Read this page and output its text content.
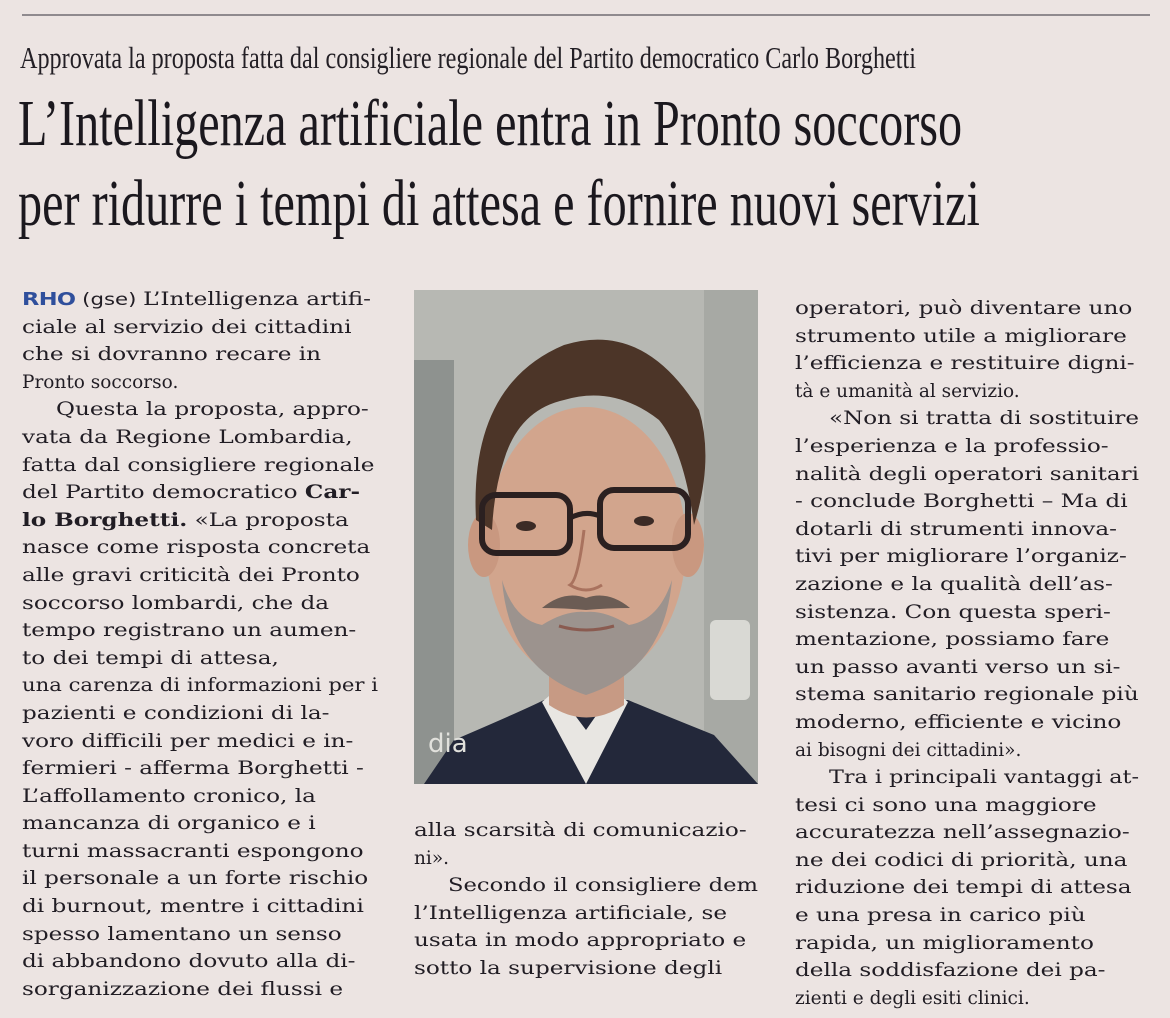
Approvata la proposta fatta dal consigliere regionale del Partito democratico Carlo Borghetti
L’Intelligenza artificiale entra in Pronto soccorso
per ridurre i tempi di attesa e fornire nuovi servizi
RHO (gse) L’Intelligenza artifi-
ciale al servizio dei cittadini
che si dovranno recare in
Pronto soccorso.
Questa la proposta, appro-
vata da Regione Lombardia,
fatta dal consigliere regionale
del Partito democratico Car-
lo Borghetti. «La proposta
nasce come risposta concreta
alle gravi criticità dei Pronto
soccorso lombardi, che da
tempo registrano un aumen-
to dei tempi di attesa,
una carenza di informazioni per i
pazienti e condizioni di la-
voro difficili per medici e in-
fermieri - afferma Borghetti -
L’affollamento cronico, la
mancanza di organico e i
turni massacranti espongono
il personale a un forte rischio
di burnout, mentre i cittadini
spesso lamentano un senso
di abbandono dovuto alla di-
sorganizzazione dei flussi e
dia
alla scarsità di comunicazio-
ni».
Secondo il consigliere dem
l’Intelligenza artificiale, se
usata in modo appropriato e
sotto la supervisione degli
operatori, può diventare uno
strumento utile a migliorare
l’efficienza e restituire digni-
tà e umanità al servizio.
«Non si tratta di sostituire
l’esperienza e la professio-
nalità degli operatori sanitari
- conclude Borghetti – Ma di
dotarli di strumenti innova-
tivi per migliorare l’organiz-
zazione e la qualità dell’as-
sistenza. Con questa speri-
mentazione, possiamo fare
un passo avanti verso un si-
stema sanitario regionale più
moderno, efficiente e vicino
ai bisogni dei cittadini».
Tra i principali vantaggi at-
tesi ci sono una maggiore
accuratezza nell’assegnazio-
ne dei codici di priorità, una
riduzione dei tempi di attesa
e una presa in carico più
rapida, un miglioramento
della soddisfazione dei pa-
zienti e degli esiti clinici.
